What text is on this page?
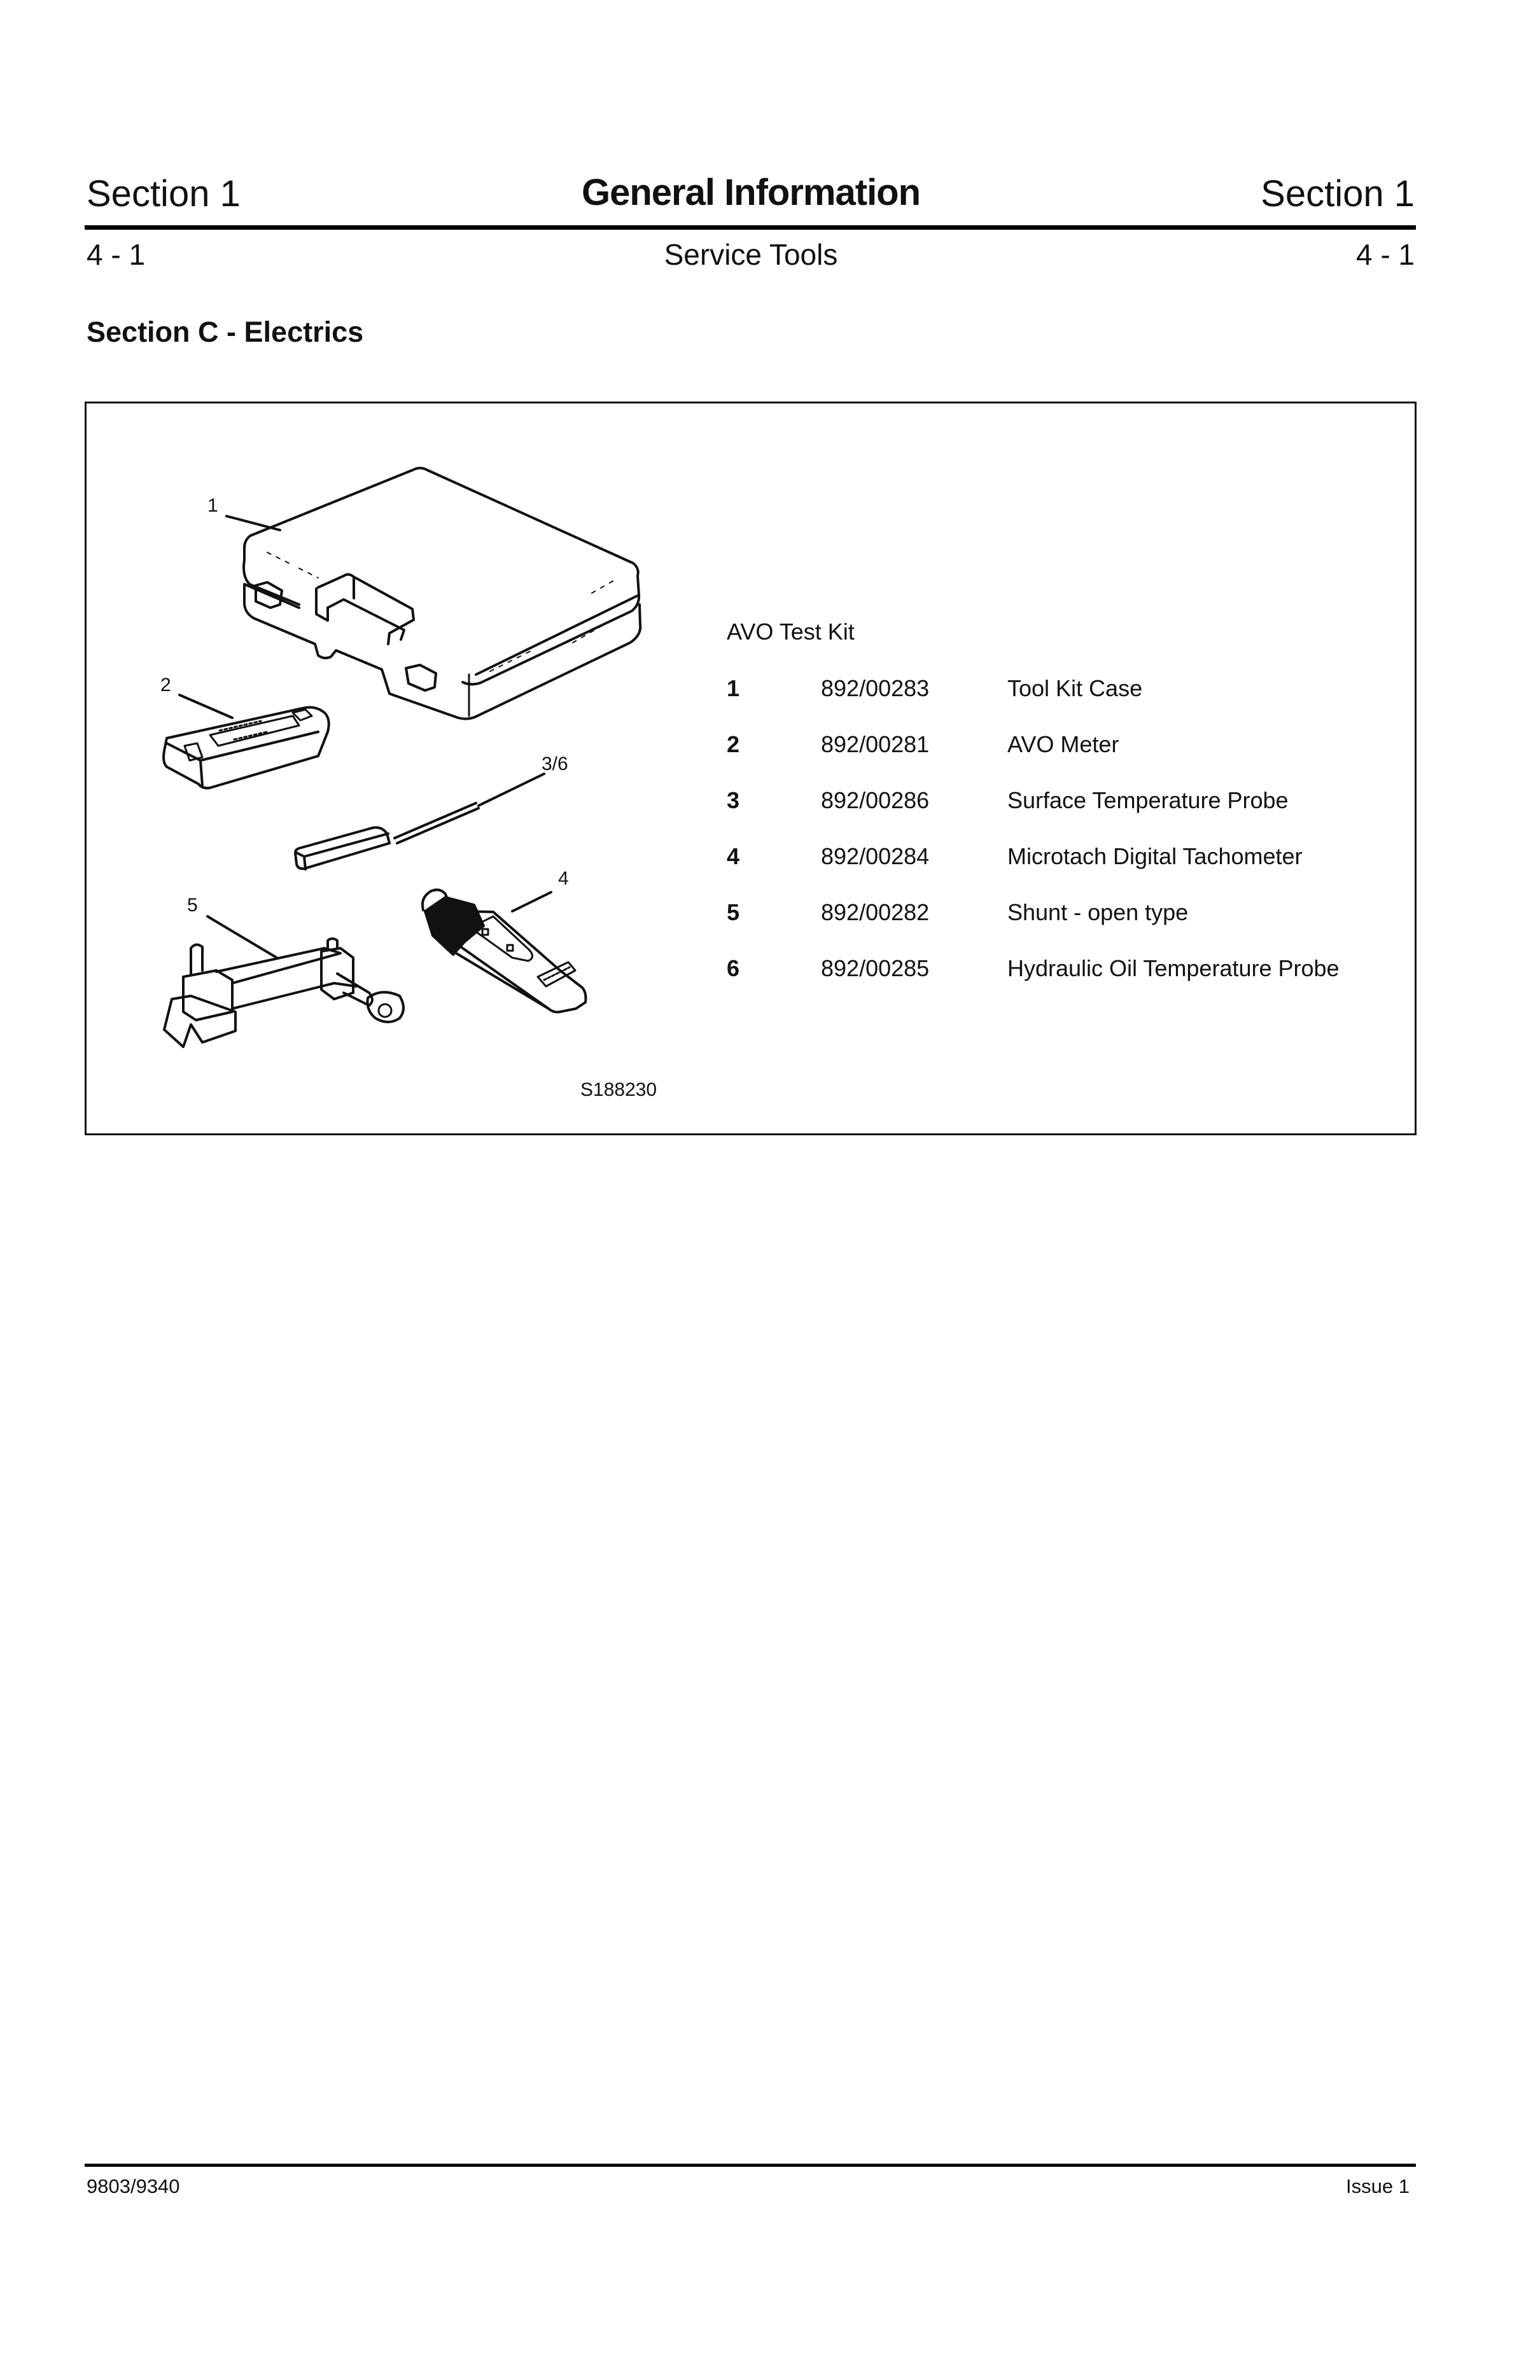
Section 1	General Information	Section 1
4 - 1	Service Tools	4 - 1
Section C - Electrics
1
2
3/6
4
5
AVO Test Kit
1	892/00283	Tool Kit Case
2	892/00281	AVO Meter
3	892/00286	Surface Temperature Probe
4	892/00284	Microtach Digital Tachometer
5	892/00282	Shunt - open type
6	892/00285	Hydraulic Oil Temperature Probe
S188230
9803/9340	Issue 1
